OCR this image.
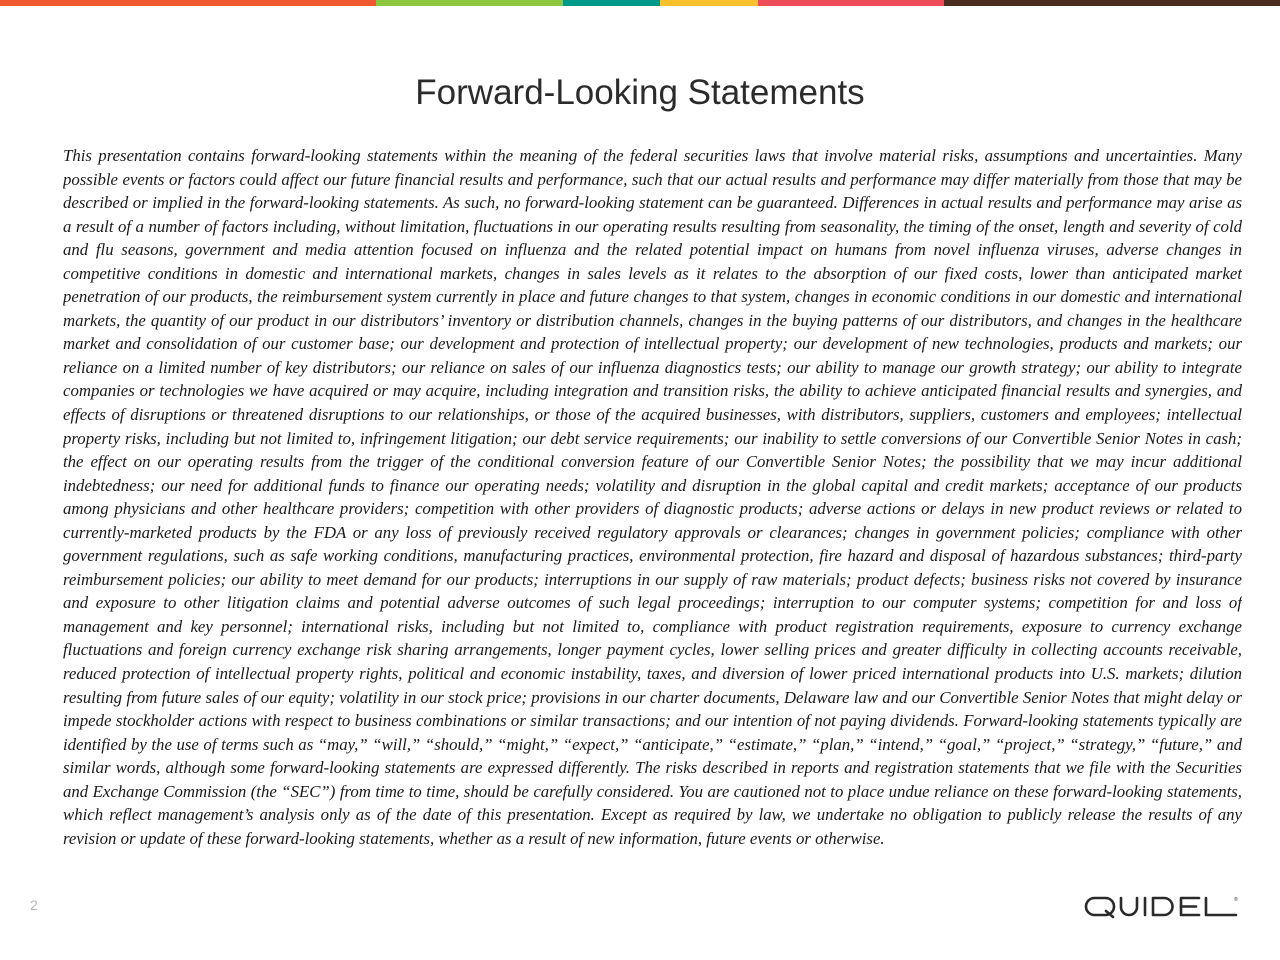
Forward-Looking Statements

This presentation contains forward-looking statements within the meaning of the federal securities laws that involve material risks, assumptions and uncertainties. Many possible events or factors could affect our future financial results and performance, such that our actual results and performance may differ materially from those that may be described or implied in the forward-looking statements. As such, no forward-looking statement can be guaranteed. Differences in actual results and performance may arise as a result of a number of factors including, without limitation, fluctuations in our operating results resulting from seasonality, the timing of the onset, length and severity of cold and flu seasons, government and media attention focused on influenza and the related potential impact on humans from novel influenza viruses, adverse changes in competitive conditions in domestic and international markets, changes in sales levels as it relates to the absorption of our fixed costs, lower than anticipated market penetration of our products, the reimbursement system currently in place and future changes to that system, changes in economic conditions in our domestic and international markets, the quantity of our product in our distributors’ inventory or distribution channels, changes in the buying patterns of our distributors, and changes in the healthcare market and consolidation of our customer base; our development and protection of intellectual property; our development of new technologies, products and markets; our reliance on a limited number of key distributors; our reliance on sales of our influenza diagnostics tests; our ability to manage our growth strategy; our ability to integrate companies or technologies we have acquired or may acquire, including integration and transition risks, the ability to achieve anticipated financial results and synergies, and effects of disruptions or threatened disruptions to our relationships, or those of the acquired businesses, with distributors, suppliers, customers and employees; intellectual property risks, including but not limited to, infringement litigation; our debt service requirements; our inability to settle conversions of our Convertible Senior Notes in cash; the effect on our operating results from the trigger of the conditional conversion feature of our Convertible Senior Notes; the possibility that we may incur additional indebtedness; our need for additional funds to finance our operating needs; volatility and disruption in the global capital and credit markets; acceptance of our products among physicians and other healthcare providers; competition with other providers of diagnostic products; adverse actions or delays in new product reviews or related to currently-marketed products by the FDA or any loss of previously received regulatory approvals or clearances; changes in government policies; compliance with other government regulations, such as safe working conditions, manufacturing practices, environmental protection, fire hazard and disposal of hazardous substances; third-party reimbursement policies; our ability to meet demand for our products; interruptions in our supply of raw materials; product defects; business risks not covered by insurance and exposure to other litigation claims and potential adverse outcomes of such legal proceedings; interruption to our computer systems; competition for and loss of management and key personnel; international risks, including but not limited to, compliance with product registration requirements, exposure to currency exchange fluctuations and foreign currency exchange risk sharing arrangements, longer payment cycles, lower selling prices and greater difficulty in collecting accounts receivable, reduced protection of intellectual property rights, political and economic instability, taxes, and diversion of lower priced international products into U.S. markets; dilution resulting from future sales of our equity; volatility in our stock price; provisions in our charter documents, Delaware law and our Convertible Senior Notes that might delay or impede stockholder actions with respect to business combinations or similar transactions; and our intention of not paying dividends. Forward-looking statements typically are identified by the use of terms such as “may,” “will,” “should,” “might,” “expect,” “anticipate,” “estimate,” “plan,” “intend,” “goal,” “project,” “strategy,” “future,” and similar words, although some forward-looking statements are expressed differently. The risks described in reports and registration statements that we file with the Securities and Exchange Commission (the “SEC”) from time to time, should be carefully considered. You are cautioned not to place undue reliance on these forward-looking statements, which reflect management’s analysis only as of the date of this presentation. Except as required by law, we undertake no obligation to publicly release the results of any revision or update of these forward-looking statements, whether as a result of new information, future events or otherwise.

2	®
